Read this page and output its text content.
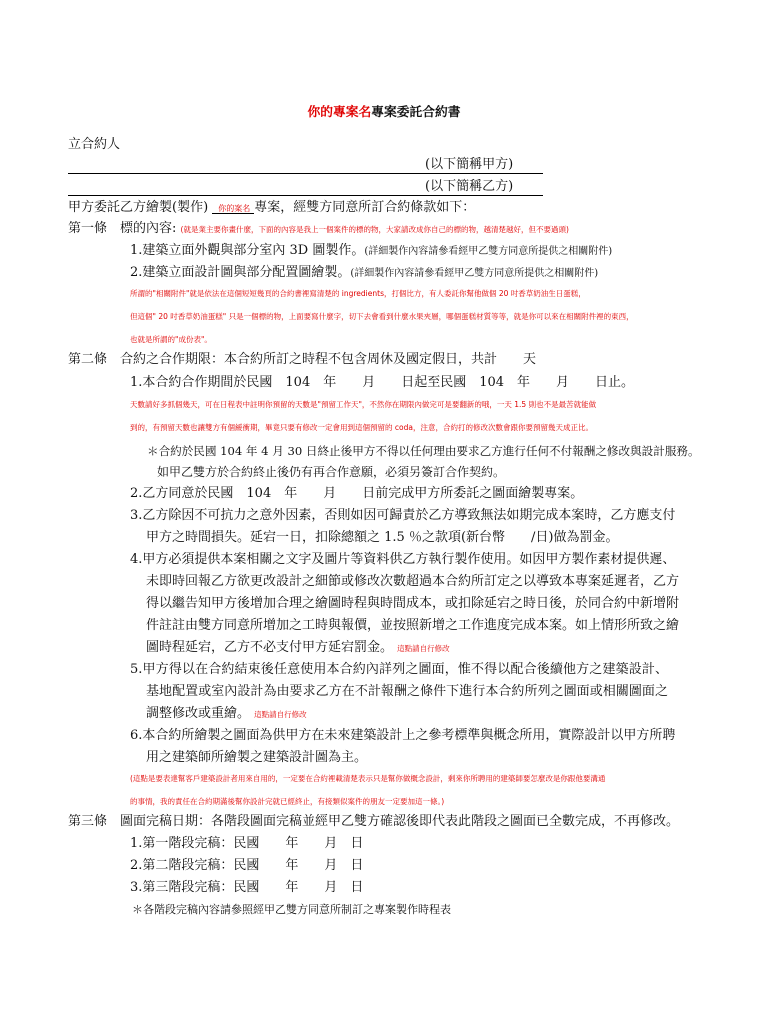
你的專案名專案委託合約書
立合約人
(以下簡稱甲方)
(以下簡稱乙方)
甲方委託乙方繪製(製作) 你的案名 專案，經雙方同意所訂合約條款如下：
第一條　標的內容: (就是業主要你畫什麼，下面的內容是我上一個案件的標的物，大家請改成你自己的標的物，越清楚越好，但不要過頭)
1.建築立面外觀與部分室內 3D 圖製作。(詳細製作內容請參看經甲乙雙方同意所提供之相關附件)
2.建築立面設計圖與部分配置圖繪製。(詳細製作內容請參看經甲乙雙方同意所提供之相關附件)
所謂的"相關附件"就是依法在這個短短幾頁的合約書裡寫清楚的 ingredients，打個比方，有人委託你幫他做個 20 吋香草奶油生日蛋糕，
但這個" 20 吋香草奶油蛋糕" 只是一個標的物，上面要寫什麼字，切下去會看到什麼水果夾層，哪個蛋糕材質等等，就是你可以來在相關附件裡的東西，
也就是所謂的"成份表"。
第二條　合約之合作期限：本合約所訂之時程不包含周休及國定假日，共計　　天
1.本合約合作期間於民國　104　年　　月　　日起至民國　104　年　　月　　日止。
天數請好多抓個幾天，可在日程表中註明你預留的天數是"預留工作天"，不然你在期限內做完可是要翻新的哦，一天 1.5 則也不是最苦就能做
到的，有預留天數也讓雙方有個緩衝期，畢竟只要有修改一定會用到這個預留的 coda，注意，合約打的修改次數會跟你要預留幾天成正比。
＊合約於民國 104 年 4 月 30 日終止後甲方不得以任何理由要求乙方進行任何不付報酬之修改與設計服務。
如甲乙雙方於合約終止後仍有再合作意願，必須另簽訂合作契約。
2.乙方同意於民國　104　年　　月　　日前完成甲方所委託之圖面繪製專案。
3.乙方除因不可抗力之意外因素，否則如因可歸責於乙方導致無法如期完成本案時，乙方應支付
甲方之時間損失。延宕一日，扣除總額之 1.5 ％之款項(新台幣　　/日)做為罰金。
4.甲方必須提供本案相關之文字及圖片等資料供乙方執行製作使用。如因甲方製作素材提供遲、
未即時回報乙方欲更改設計之細節或修改次數超過本合約所訂定之以導致本專案延遲者，乙方
得以繼告知甲方後增加合理之繪圖時程與時間成本，或扣除延宕之時日後，於同合約中新增附
件註註由雙方同意所增加之工時與報價，並按照新增之工作進度完成本案。如上情形所致之繪
圖時程延宕，乙方不必支付甲方延宕罰金。 這點請自行修改
5.甲方得以在合約結束後任意使用本合約內詳列之圖面，惟不得以配合後續他方之建築設計、
基地配置或室內設計為由要求乙方在不計報酬之條件下進行本合約所列之圖面或相關圖面之
調整修改或重繪。 這點請自行修改
6.本合約所繪製之圖面為供甲方在未來建築設計上之參考標準與概念所用，實際設計以甲方所聘
用之建築師所繪製之建築設計圖為主。
(這點是要表達幫客戶建築設計者用來自用的，一定要在合約裡載清楚表示只是幫你做概念設計，剩來你所聘用的建築師要怎麼改是你跟他要溝通
的事情，我的責任在合約期滿後幫你設計完就已經終止，有接類似案件的朋友一定要加這一條。)
第三條　圖面完稿日期：各階段圖面完稿並經甲乙雙方確認後即代表此階段之圖面已全數完成，不再修改。
1.第一階段完稿：民國　　年　　月　日
2.第二階段完稿：民國　　年　　月　日
3.第三階段完稿：民國　　年　　月　日
＊各階段完稿內容請參照經甲乙雙方同意所制訂之專案製作時程表
